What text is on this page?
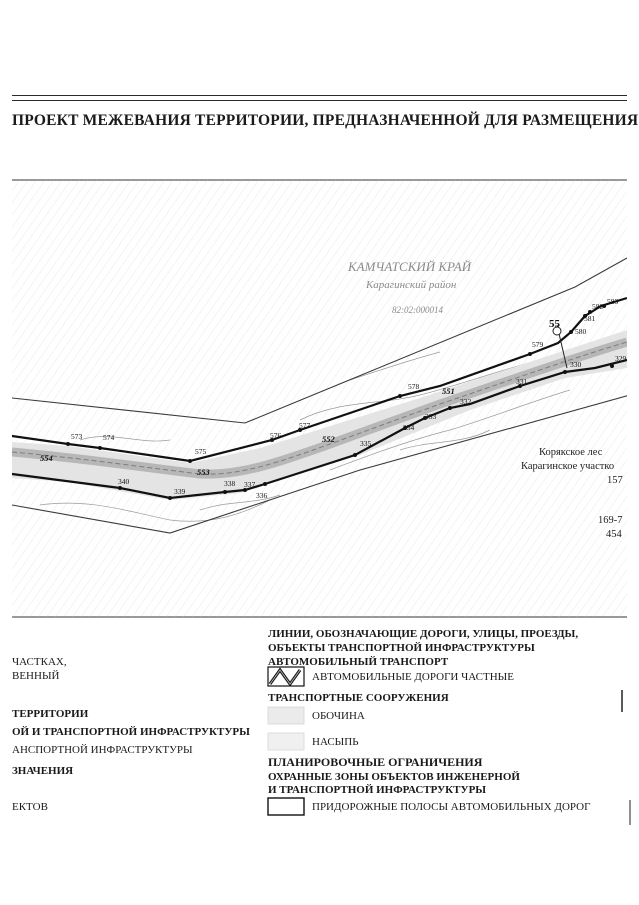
ПРОЕКТ МЕЖЕВАНИЯ ТЕРРИТОРИИ, ПРЕДНАЗНАЧЕННОЙ ДЛЯ РАЗМЕЩЕНИЯ
КАМЧАТСКИЙ КРАЙ
Карагинский район
82:02:000014
Корякское лес
Карагинское участко
157
169-7
454
55
554
553
552
551
573	574
575
576
577
578
579
580
581
582
583
340
339
338 337
336
335
334
333
332
331
330
329
ЧАСТКАХ,
ВЕННЫЙ
ТЕРРИТОРИИ
ОЙ И ТРАНСПОРТНОЙ ИНФРАСТРУКТУРЫ
АНСПОРТНОЙ ИНФРАСТРУКТУРЫ
ЗНАЧЕНИЯ
ЕКТОВ
ЛИНИИ, ОБОЗНАЧАЮЩИЕ ДОРОГИ, УЛИЦЫ, ПРОЕЗДЫ,
ОБЪЕКТЫ ТРАНСПОРТНОЙ ИНФРАСТРУКТУРЫ
АВТОМОБИЛЬНЫЙ ТРАНСПОРТ
АВТОМОБИЛЬНЫЕ ДОРОГИ ЧАСТНЫЕ
ТРАНСПОРТНЫЕ СООРУЖЕНИЯ
ОБОЧИНА
НАСЫПЬ
ПЛАНИРОВОЧНЫЕ ОГРАНИЧЕНИЯ
ОХРАННЫЕ ЗОНЫ ОБЪЕКТОВ ИНЖЕНЕРНОЙ
И ТРАНСПОРТНОЙ ИНФРАСТРУКТУРЫ
ПРИДОРОЖНЫЕ ПОЛОСЫ АВТОМОБИЛЬНЫХ ДОРОГ
